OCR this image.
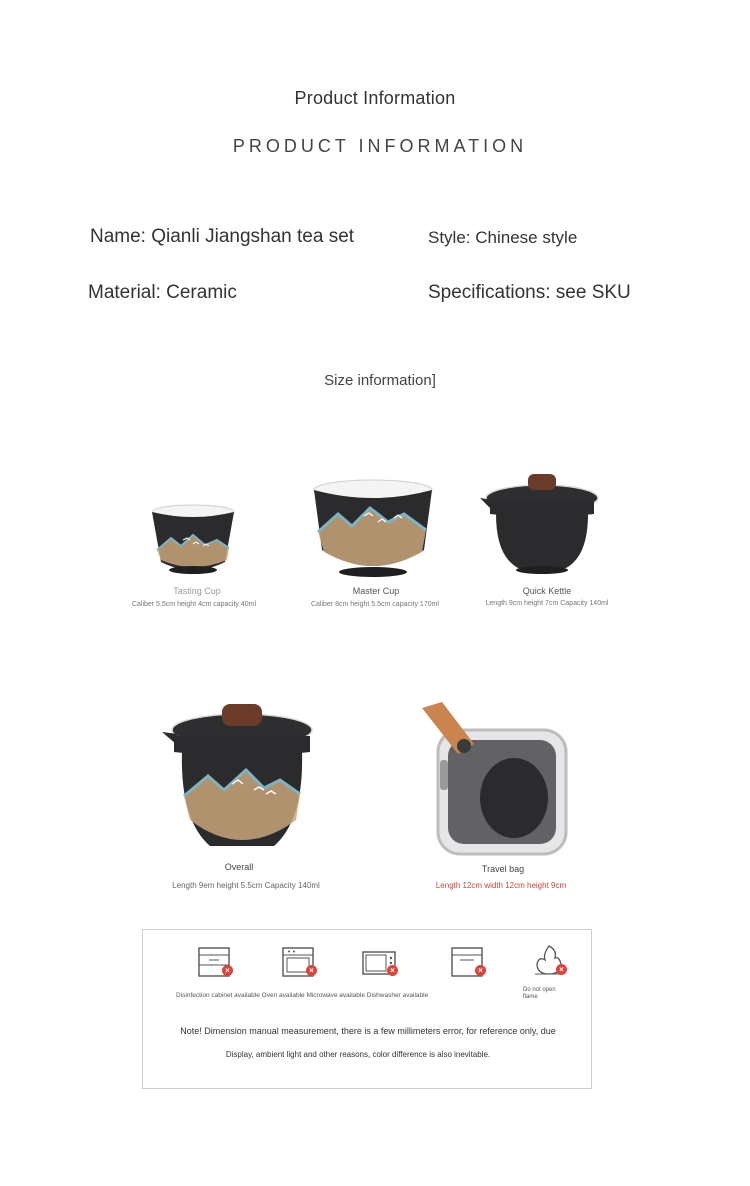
Product Information
PRODUCT INFORMATION
Name: Qianli Jiangshan tea set	Style: Chinese style
Material: Ceramic	Specifications: see SKU
Size information]
Tasting Cup
Caliber 5.5cm height 4cm capacity 40ml
Master Cup
Caliber 8cm height 5.5cm capacity 170ml
Quick Kettle
Length 9cm height 7cm Capacity 140ml
Overall
Length 9em height 5.5cm Capacity 140ml
Travel bag
Length 12cm width 12cm height 9cm
×	×	×	×	×
Disinfection cabinet available Oven available Microwave available Dishwasher available
Do not open
flame
Note! Dimension manual measurement, there is a few millimeters error, for reference only, due
Display, ambient light and other reasons, color difference is also inevitable.
